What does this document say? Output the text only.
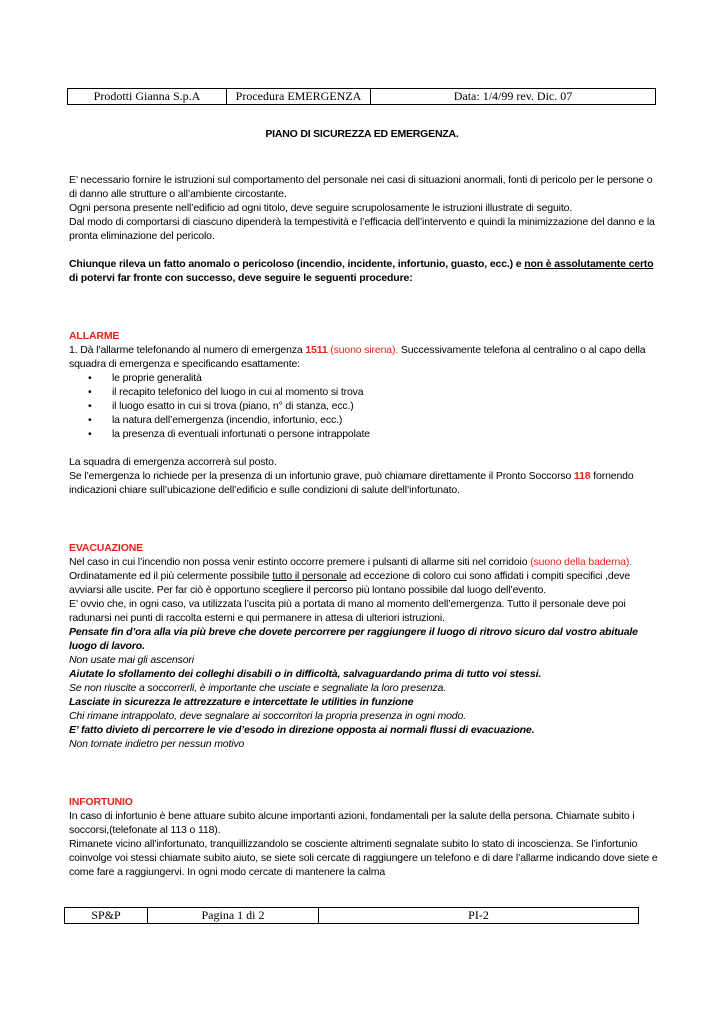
Prodotti Gianna S.p.A	Procedura EMERGENZA	Data: 1/4/99 rev. Dic. 07
PIANO DI SICUREZZA ED EMERGENZA.

E’ necessario fornire le istruzioni sul comportamento del personale nei casi di situazioni anormali, fonti di pericolo per le persone o di danno alle strutture o all’ambiente circostante.

Ogni persona presente nell’edificio ad ogni titolo, deve seguire scrupolosamente le istruzioni illustrate di seguito.

Dal modo di comportarsi di ciascuno dipenderà la tempestività e l’efficacia dell’intervento e quindi la minimizzazione del danno e la pronta eliminazione del pericolo.

Chiunque rileva un fatto anomalo o pericoloso (incendio, incidente, infortunio, guasto, ecc.) e non è assolutamente certo di potervi far fronte con successo, deve seguire le seguenti procedure:

ALLARME

1. Dà l’allarme telefonando al numero di emergenza 1511 (suono sirena). Successivamente telefona al centralino o al capo della squadra di emergenza e specificando esattamente:

• le proprie generalità
• il recapito telefonico del luogo in cui al momento si trova
• il luogo esatto in cui si trova (piano, n° di stanza, ecc.)
• la natura dell’emergenza (incendio, infortunio, ecc.)
• la presenza di eventuali infortunati o persone intrappolate

La squadra di emergenza accorrerà sul posto.

Se l’emergenza lo richiede per la presenza di un infortunio grave, può chiamare direttamente il Pronto Soccorso 118 fornendo indicazioni chiare sull’ubicazione dell’edificio e sulle condizioni di salute dell’infortunato.

EVACUAZIONE

Nel caso in cui l’incendio non possa venir estinto occorre premere i pulsanti di allarme siti nel corridoio (suono della baderna).

Ordinatamente ed il più celermente possibile tutto il personale ad eccezione di coloro cui sono affidati i compiti specifici ,deve avviarsi alle uscite. Per far ciò è opportuno scegliere il percorso più lontano possibile dal luogo dell’evento.

E’ ovvio che, in ogni caso, va utilizzata l’uscita più a portata di mano al momento dell’emergenza. Tutto il personale deve poi radunarsi nei punti di raccolta esterni e qui permanere in attesa di ulteriori istruzioni.

Pensate fin d’ora alla via più breve che dovete percorrere per raggiungere il luogo di ritrovo sicuro dal vostro abituale luogo di lavoro.

Non usate mai gli ascensori

Aiutate lo sfollamento dei colleghi disabili o in difficoltà, salvaguardando prima di tutto voi stessi.

Se non riuscite a soccorrerli, è importante che usciate e segnaliate la loro presenza.

Lasciate in sicurezza le attrezzature e intercettate le utilities in funzione

Chi rimane intrappolato, deve segnalare ai soccorritori la propria presenza in ogni modo.

E’ fatto divieto di percorrere le vie d’esodo in direzione opposta ai normali flussi di evacuazione.

Non tornate indietro per nessun motivo

INFORTUNIO

In caso di infortunio è bene attuare subito alcune importanti azioni, fondamentali per la salute della persona. Chiamate subito i soccorsi,(telefonate al 113 o 118).

Rimanete vicino all’infortunato, tranquillizzandolo se cosciente altrimenti segnalate subito lo stato di incoscienza. Se l’infortunio coinvolge voi stessi chiamate subito aiuto, se siete soli cercate di raggiungere un telefono e di dare l’allarme indicando dove siete e come fare a raggiungervi. In ogni modo cercate di mantenere la calma

SP&P	Pagina 1 di 2	PI-2
